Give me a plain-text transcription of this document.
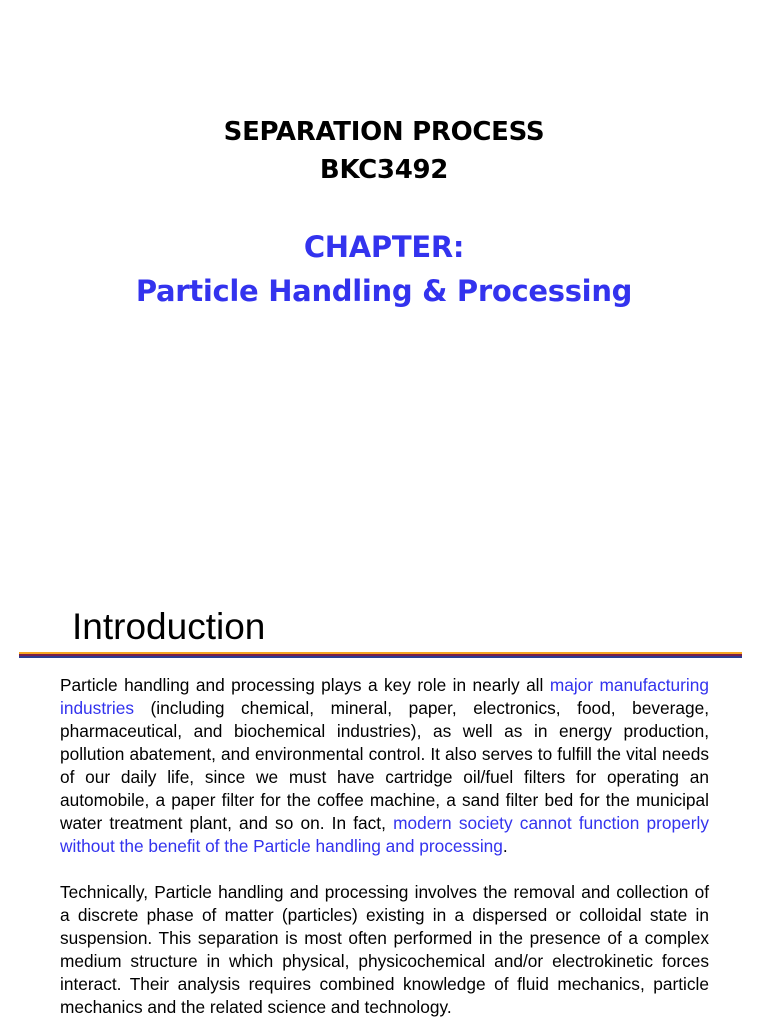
SEPARATION PROCESS
BKC3492
CHAPTER:
Particle Handling & Processing
Introduction

Particle handling and processing plays a key role in nearly all major manufacturing industries (including chemical, mineral, paper, electronics, food, beverage, pharmaceutical, and biochemical industries), as well as in energy production, pollution abatement, and environmental control. It also serves to fulfill the vital needs of our daily life, since we must have cartridge oil/fuel filters for operating an automobile, a paper filter for the coffee machine, a sand filter bed for the municipal water treatment plant, and so on. In fact, modern society cannot function properly without the benefit of the Particle handling and processing.

Technically, Particle handling and processing involves the removal and collection of a discrete phase of matter (particles) existing in a dispersed or colloidal state in suspension. This separation is most often performed in the presence of a complex medium structure in which physical, physicochemical and/or electrokinetic forces interact. Their analysis requires combined knowledge of fluid mechanics, particle mechanics and the related science and technology.
